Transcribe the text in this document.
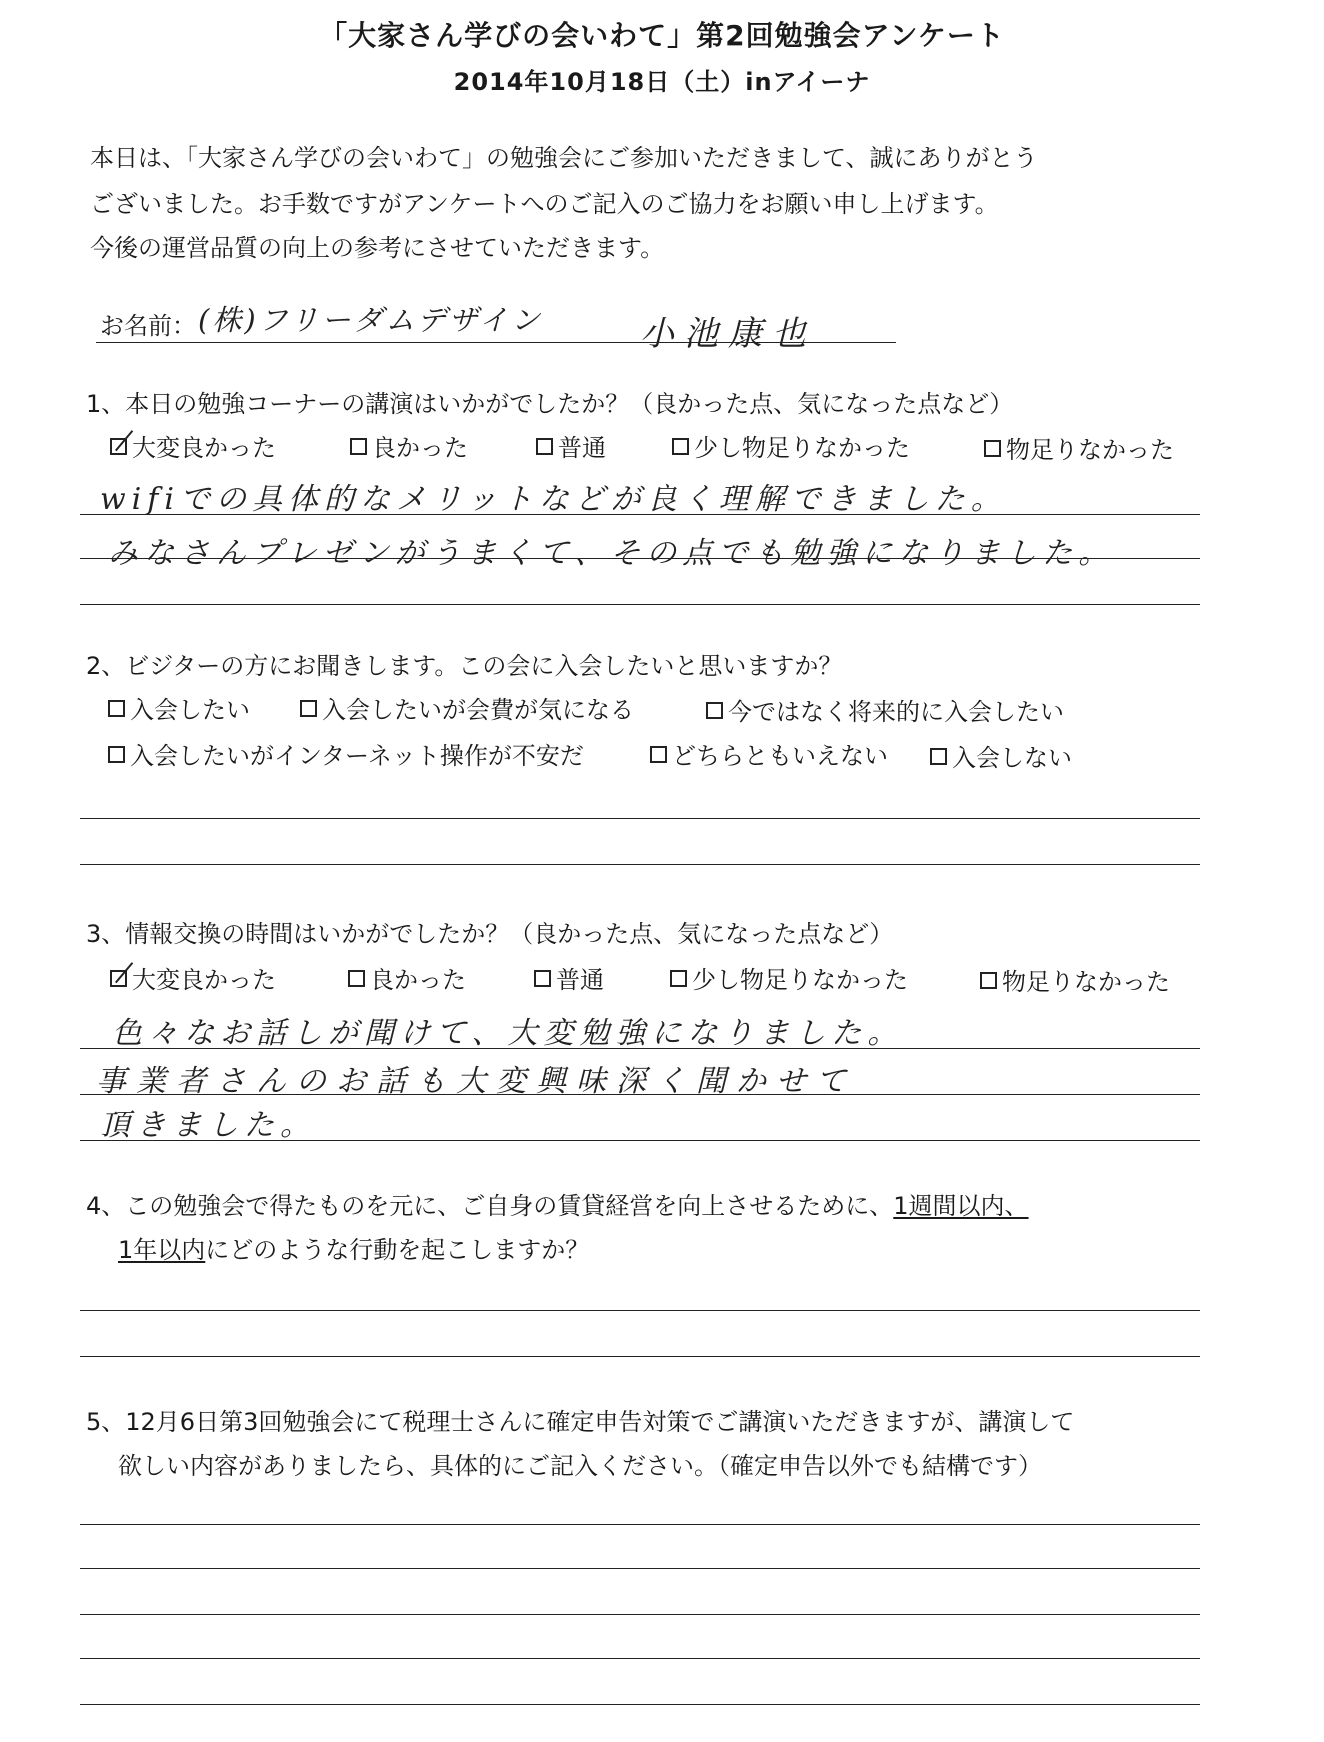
「大家さん学びの会いわて」第2回勉強会アンケート
2014年10月18日（土）inアイーナ
本日は、「大家さん学びの会いわて」の勉強会にご参加いただきまして、誠にありがとう
ございました。お手数ですがアンケートへのご記入のご協力をお願い申し上げます。
今後の運営品質の向上の参考にさせていただきます。
お名前： (株)フリーダムデザイン	小池康也
1、本日の勉強コーナーの講演はいかがでしたか？（良かった点、気になった点など）
大変良かった	良かった	普通	少し物足りなかった	物足りなかった
wifiでの具体的なメリットなどが良く理解できました。
みなさんプレゼンがうまくて、その点でも勉強になりました。
2、ビジターの方にお聞きします。この会に入会したいと思いますか？
入会したい	入会したいが会費が気になる	今ではなく将来的に入会したい
入会したいがインターネット操作が不安だ	どちらともいえない	入会しない
3、情報交換の時間はいかがでしたか？（良かった点、気になった点など）
大変良かった	良かった	普通	少し物足りなかった	物足りなかった
色々なお話しが聞けて、大変勉強になりました。
事業者さんのお話も大変興味深く聞かせて
頂きました。
4、この勉強会で得たものを元に、ご自身の賃貸経営を向上させるために、1週間以内、
1年以内にどのような行動を起こしますか？
5、12月6日第3回勉強会にて税理士さんに確定申告対策でご講演いただきますが、講演して
欲しい内容がありましたら、具体的にご記入ください。（確定申告以外でも結構です）
